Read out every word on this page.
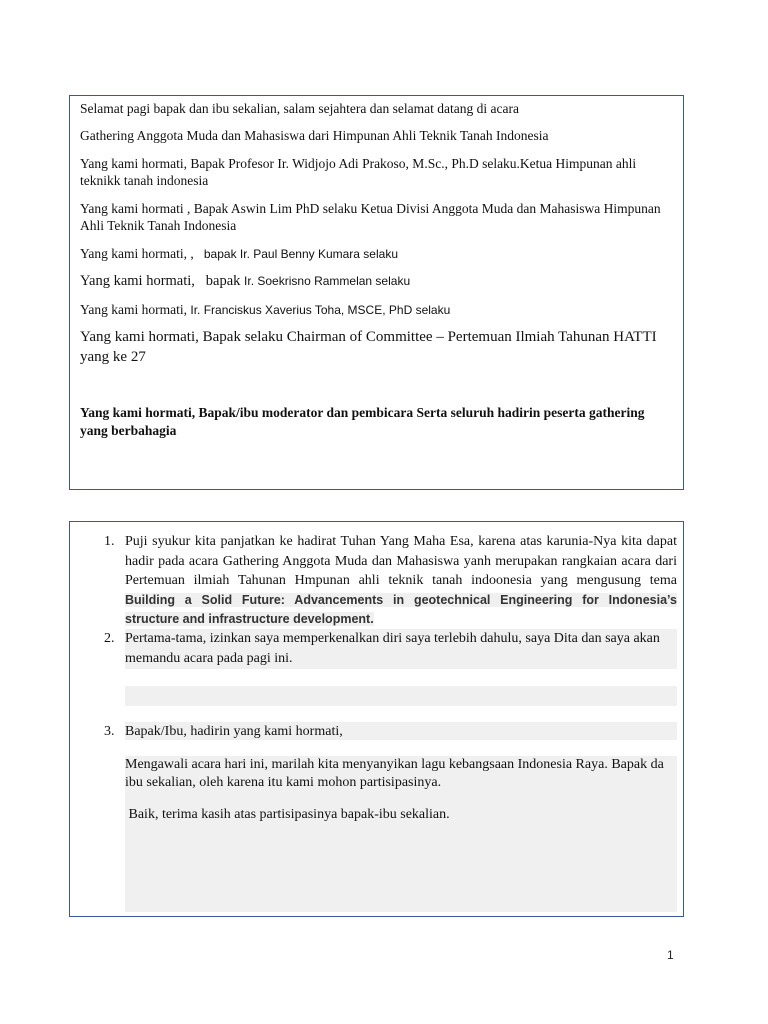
Selamat pagi bapak dan ibu sekalian, salam sejahtera dan selamat datang di acara

Gathering Anggota Muda dan Mahasiswa dari Himpunan Ahli Teknik Tanah Indonesia

Yang kami hormati, Bapak Profesor Ir. Widjojo Adi Prakoso, M.Sc., Ph.D selaku.Ketua Himpunan ahli teknikk tanah indonesia

Yang kami hormati , Bapak Aswin Lim PhD selaku Ketua Divisi Anggota Muda dan Mahasiswa Himpunan Ahli Teknik Tanah Indonesia

Yang kami hormati, ,   bapak Ir. Paul Benny Kumara selaku

Yang kami hormati,   bapak Ir. Soekrisno Rammelan selaku

Yang kami hormati, Ir. Franciskus Xaverius Toha, MSCE, PhD selaku

Yang kami hormati, Bapak selaku Chairman of Committee – Pertemuan Ilmiah Tahunan HATTI yang ke 27

Yang kami hormati, Bapak/ibu moderator dan pembicara Serta seluruh hadirin peserta gathering yang berbahagia

1. Puji syukur kita panjatkan ke hadirat Tuhan Yang Maha Esa, karena atas karunia-Nya kita dapat hadir pada acara Gathering Anggota Muda dan Mahasiswa yanh merupakan rangkaian acara dari Pertemuan ilmiah Tahunan Hmpunan ahli teknik tanah indoonesia yang mengusung tema Building a Solid Future: Advancements in geotechnical Engineering for Indonesia’s structure and infrastructure development.
2. Pertama-tama, izinkan saya memperkenalkan diri saya terlebih dahulu, saya Dita dan saya akan memandu acara pada pagi ini.
3. Bapak/Ibu, hadirin yang kami hormati,
Mengawali acara hari ini, marilah kita menyanyikan lagu kebangsaan Indonesia Raya. Bapak da ibu sekalian, oleh karena itu kami mohon partisipasinya.
Baik, terima kasih atas partisipasinya bapak-ibu sekalian.
1
